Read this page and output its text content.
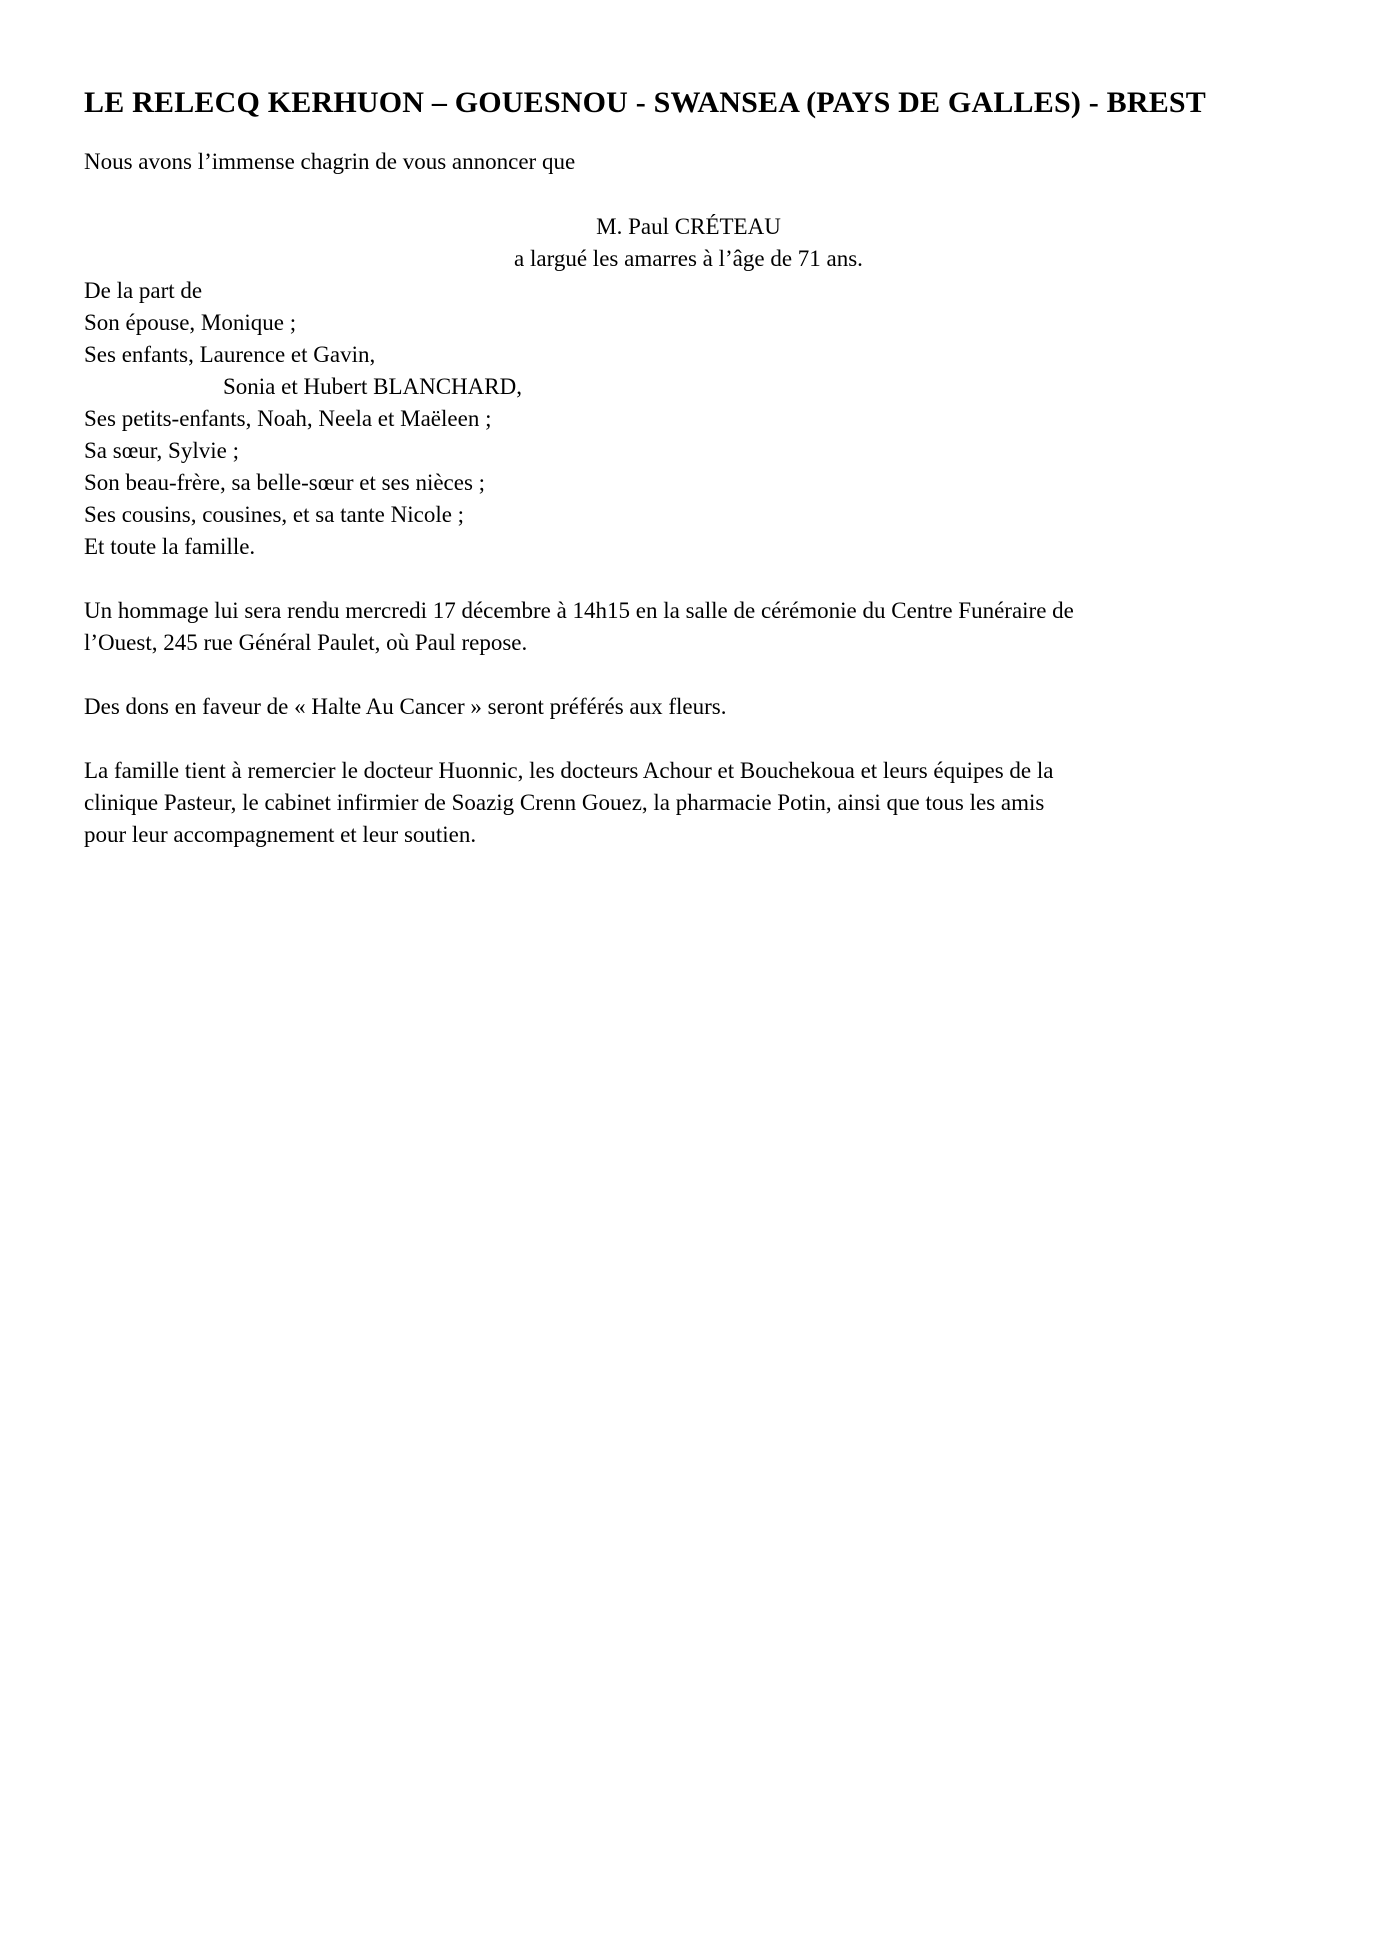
LE RELECQ KERHUON – GOUESNOU - SWANSEA (PAYS DE GALLES) - BREST
Nous avons l’immense chagrin de vous annoncer que
M. Paul CRÉTEAU
a largué les amarres à l’âge de 71 ans.
De la part de
Son épouse, Monique ;
Ses enfants, Laurence et Gavin,
Sonia et Hubert BLANCHARD,
Ses petits-enfants, Noah, Neela et Maëleen ;
Sa sœur, Sylvie ;
Son beau-frère, sa belle-sœur et ses nièces ;
Ses cousins, cousines, et sa tante Nicole ;
Et toute la famille.
Un hommage lui sera rendu mercredi 17 décembre à 14h15 en la salle de cérémonie du Centre Funéraire de
l’Ouest, 245 rue Général Paulet, où Paul repose.
Des dons en faveur de « Halte Au Cancer » seront préférés aux fleurs.
La famille tient à remercier le docteur Huonnic, les docteurs Achour et Bouchekoua et leurs équipes de la
clinique Pasteur, le cabinet infirmier de Soazig Crenn Gouez, la pharmacie Potin, ainsi que tous les amis
pour leur accompagnement et leur soutien.
